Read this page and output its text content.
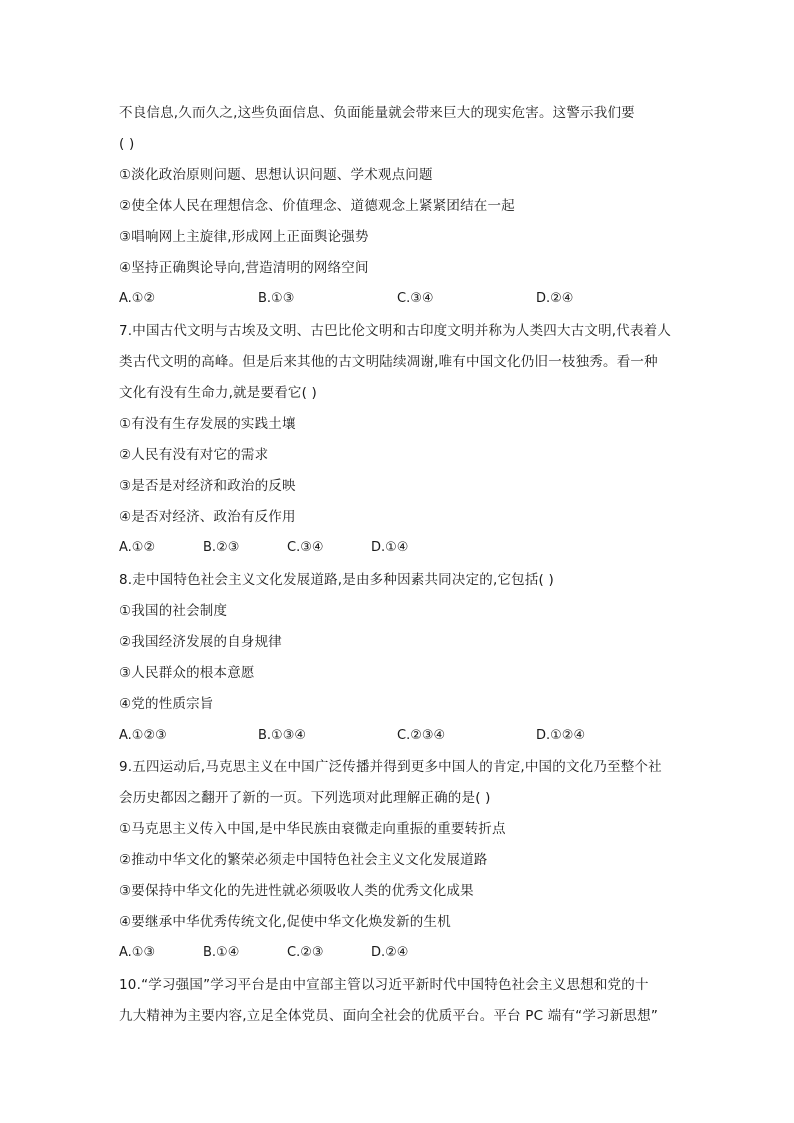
不良信息,久而久之,这些负面信息、负面能量就会带来巨大的现实危害。这警示我们要
( )
①淡化政治原则问题、思想认识问题、学术观点问题
②使全体人民在理想信念、价值理念、道德观念上紧紧团结在一起
③唱响网上主旋律,形成网上正面舆论强势
④坚持正确舆论导向,营造清明的网络空间
A.①②	B.①③	C.③④	D.②④
7.中国古代文明与古埃及文明、古巴比伦文明和古印度文明并称为人类四大古文明,代表着人
类古代文明的高峰。但是后来其他的古文明陆续凋谢,唯有中国文化仍旧一枝独秀。看一种
文化有没有生命力,就是要看它( )
①有没有生存发展的实践土壤
②人民有没有对它的需求
③是否是对经济和政治的反映
④是否对经济、政治有反作用
A.①②	B.②③	C.③④	D.①④
8.走中国特色社会主义文化发展道路,是由多种因素共同决定的,它包括( )
①我国的社会制度
②我国经济发展的自身规律
③人民群众的根本意愿
④党的性质宗旨
A.①②③	B.①③④	C.②③④	D.①②④
9.五四运动后,马克思主义在中国广泛传播并得到更多中国人的肯定,中国的文化乃至整个社
会历史都因之翻开了新的一页。下列选项对此理解正确的是( )
①马克思主义传入中国,是中华民族由衰微走向重振的重要转折点
②推动中华文化的繁荣必须走中国特色社会主义文化发展道路
③要保持中华文化的先进性就必须吸收人类的优秀文化成果
④要继承中华优秀传统文化,促使中华文化焕发新的生机
A.①③	B.①④	C.②③	D.②④
10.“学习强国”学习平台是由中宣部主管以习近平新时代中国特色社会主义思想和党的十
九大精神为主要内容,立足全体党员、面向全社会的优质平台。平台 PC 端有“学习新思想”
